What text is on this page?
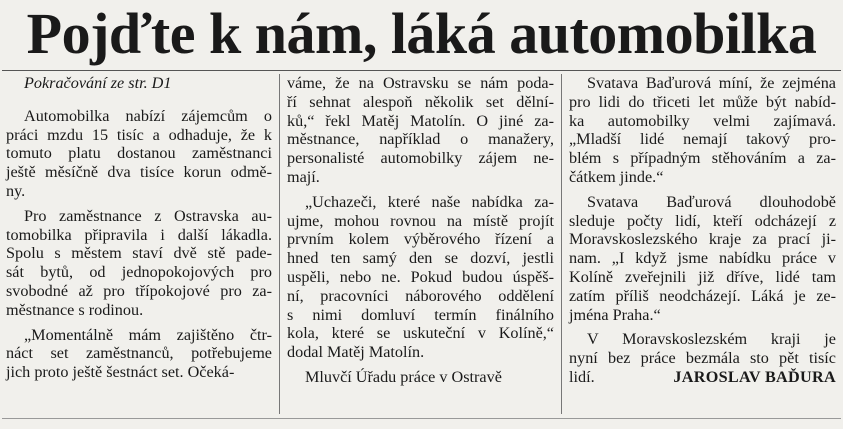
Pojďte k nám, láká automobilka
Pokračování ze str. D1

Automobilka nabízí zájemcům o
práci mzdu 15 tisíc a odhaduje, že k
tomuto platu dostanou zaměstnanci
ještě měsíčně dva tisíce korun odmě-
ny.

Pro zaměstnance z Ostravska au-
tomobilka připravila i další lákadla.
Spolu s městem staví dvě stě pade-
sát bytů, od jednopokojových pro
svobodné až pro třípokojové pro za-
městnance s rodinou.

„Momentálně mám zajištěno čtr-
náct set zaměstnanců, potřebujeme
jich proto ještě šestnáct set. Očeká-

váme, že na Ostravsku se nám poda-
ří sehnat alespoň několik set dělní-
ků,“ řekl Matěj Matolín. O jiné za-
městnance, například o manažery,
personalisté automobilky zájem ne-
mají.

„Uchazeči, které naše nabídka za-
ujme, mohou rovnou na místě projít
prvním kolem výběrového řízení a
hned ten samý den se dozví, jestli
uspěli, nebo ne. Pokud budou úspěš-
ní, pracovníci náborového oddělení
s nimi domluví termín finálního
kola, které se uskuteční v Kolíně,“
dodal Matěj Matolín.

Mluvčí Úřadu práce v Ostravě

Svatava Baďurová míní, že zejména
pro lidi do třiceti let může být nabíd-
ka automobilky velmi zajímavá.
„Mladší lidé nemají takový pro-
blém s případným stěhováním a za-
čátkem jinde.“

Svatava Baďurová dlouhodobě
sleduje počty lidí, kteří odcházejí z
Moravskoslezského kraje za prací ji-
nam. „I když jsme nabídku práce v
Kolíně zveřejnili již dříve, lidé tam
zatím příliš neodcházejí. Láká je ze-
jména Praha.“

V Moravskoslezském kraji je
nyní bez práce bezmála sto pět tisíc
lidí.	JAROSLAV BAĎURA
